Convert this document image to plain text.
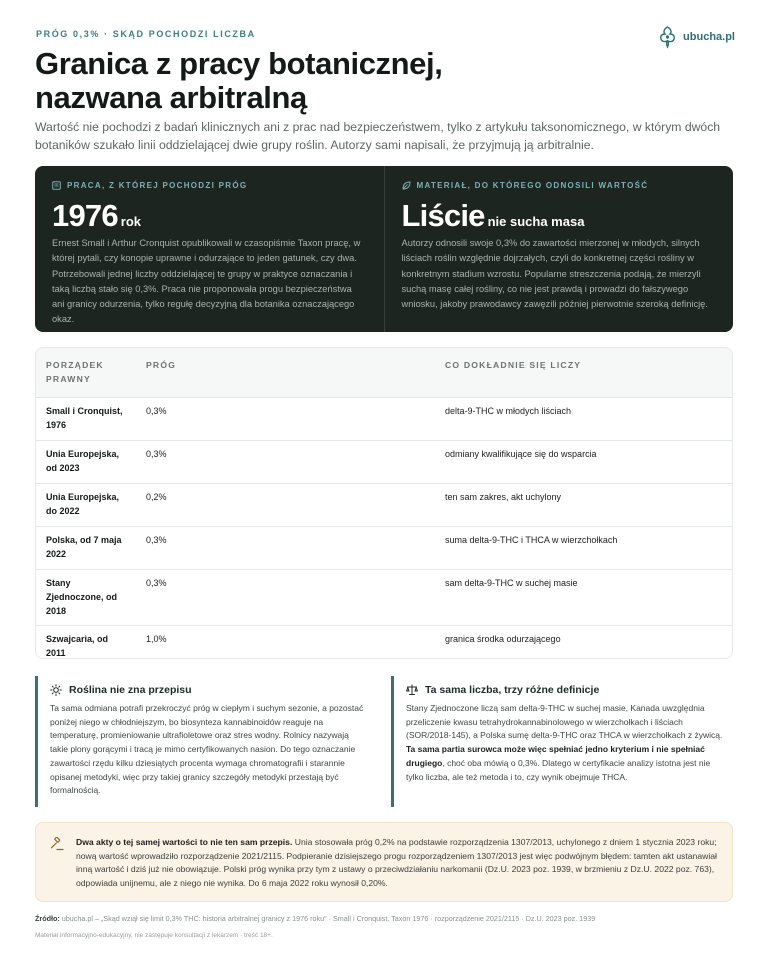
PRÓG 0,3% · SKĄD POCHODZI LICZBA	ubucha.pl
Granica z pracy botanicznej,
nazwana arbitralną

Wartość nie pochodzi z badań klinicznych ani z prac nad bezpieczeństwem, tylko z artykułu taksonomicznego, w którym dwóch botaników szukało linii oddzielającej dwie grupy roślin. Autorzy sami napisali, że przyjmują ją arbitralnie.

PRACA, Z KTÓREJ POCHODZI PRÓG
1976 rok

Ernest Small i Arthur Cronquist opublikowali w czasopiśmie Taxon pracę, w której pytali, czy konopie uprawne i odurzające to jeden gatunek, czy dwa. Potrzebowali jednej liczby oddzielającej te grupy w praktyce oznaczania i taką liczbą stało się 0,3%. Praca nie proponowała progu bezpieczeństwa ani granicy odurzenia, tylko regułę decyzyjną dla botanika oznaczającego okaz.

MATERIAŁ, DO KTÓREGO ODNOSILI WARTOŚĆ
Liście nie sucha masa

Autorzy odnosili swoje 0,3% do zawartości mierzonej w młodych, silnych liściach roślin względnie dojrzałych, czyli do konkretnej części rośliny w konkretnym stadium wzrostu. Popularne streszczenia podają, że mierzyli suchą masę całej rośliny, co nie jest prawdą i prowadzi do fałszywego wniosku, jakoby prawodawcy zawęzili później pierwotnie szeroką definicję.

PORZĄDEK PRAWNY	PRÓG	CO DOKŁADNIE SIĘ LICZY
Small i Cronquist, 1976	0,3%	delta-9-THC w młodych liściach
Unia Europejska, od 2023	0,3%	odmiany kwalifikujące się do wsparcia
Unia Europejska, do 2022	0,2%	ten sam zakres, akt uchylony
Polska, od 7 maja 2022	0,3%	suma delta-9-THC i THCA w wierzchołkach
Stany Zjednoczone, od 2018	0,3%	sam delta-9-THC w suchej masie
Szwajcaria, od 2011	1,0%	granica środka odurzającego
Roślina nie zna przepisu

Ta sama odmiana potrafi przekroczyć próg w ciepłym i suchym sezonie, a pozostać poniżej niego w chłodniejszym, bo biosynteza kannabinoidów reaguje na temperaturę, promieniowanie ultrafioletowe oraz stres wodny. Rolnicy nazywają takie plony gorącymi i tracą je mimo certyfikowanych nasion. Do tego oznaczanie zawartości rzędu kilku dziesiątych procenta wymaga chromatografii i starannie opisanej metodyki, więc przy takiej granicy szczegóły metodyki przestają być formalnością.

Ta sama liczba, trzy różne definicje

Stany Zjednoczone liczą sam delta-9-THC w suchej masie, Kanada uwzględnia przeliczenie kwasu tetrahydrokannabinolowego w wierzchołkach i liściach (SOR/2018-145), a Polska sumę delta-9-THC oraz THCA w wierzchołkach z żywicą. Ta sama partia surowca może więc spełniać jedno kryterium i nie spełniać drugiego, choć oba mówią o 0,3%. Dlatego w certyfikacie analizy istotna jest nie tylko liczba, ale też metoda i to, czy wynik obejmuje THCA.

Dwa akty o tej samej wartości to nie ten sam przepis. Unia stosowała próg 0,2% na podstawie rozporządzenia 1307/2013, uchylonego z dniem 1 stycznia 2023 roku; nową wartość wprowadziło rozporządzenie 2021/2115. Podpieranie dzisiejszego progu rozporządzeniem 1307/2013 jest więc podwójnym błędem: tamten akt ustanawiał inną wartość i dziś już nie obowiązuje. Polski próg wynika przy tym z ustawy o przeciwdziałaniu narkomanii (Dz.U. 2023 poz. 1939, w brzmieniu z Dz.U. 2022 poz. 763), odpowiada unijnemu, ale z niego nie wynika. Do 6 maja 2022 roku wynosił 0,20%.

Źródło: ubucha.pl – „Skąd wziął się limit 0,3% THC: historia arbitralnej granicy z 1976 roku" · Small i Cronquist, Taxon 1976 · rozporządzenie 2021/2115 · Dz.U. 2023 poz. 1939
Materiał informacyjno-edukacyjny, nie zastępuje konsultacji z lekarzem · treść 18+.
